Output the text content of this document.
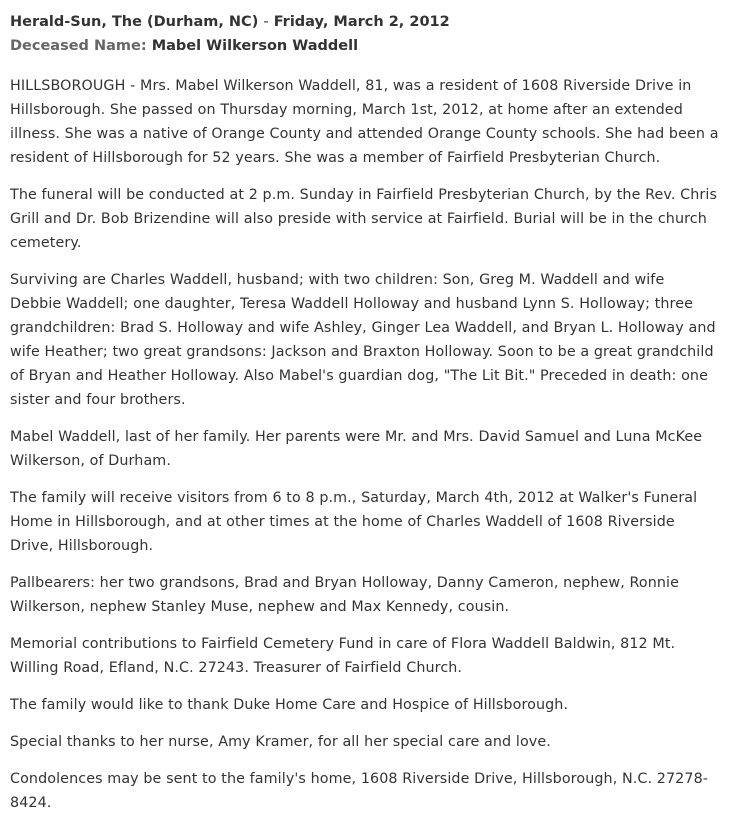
Herald-Sun, The (Durham, NC) - Friday, March 2, 2012
Deceased Name: Mabel Wilkerson Waddell

HILLSBOROUGH - Mrs. Mabel Wilkerson Waddell, 81, was a resident of 1608 Riverside Drive in Hillsborough. She passed on Thursday morning, March 1st, 2012, at home after an extended illness. She was a native of Orange County and attended Orange County schools. She had been a resident of Hillsborough for 52 years. She was a member of Fairfield Presbyterian Church.

The funeral will be conducted at 2 p.m. Sunday in Fairfield Presbyterian Church, by the Rev. Chris Grill and Dr. Bob Brizendine will also preside with service at Fairfield. Burial will be in the church cemetery.

Surviving are Charles Waddell, husband; with two children: Son, Greg M. Waddell and wife Debbie Waddell; one daughter, Teresa Waddell Holloway and husband Lynn S. Holloway; three grandchildren: Brad S. Holloway and wife Ashley, Ginger Lea Waddell, and Bryan L. Holloway and wife Heather; two great grandsons: Jackson and Braxton Holloway. Soon to be a great grandchild of Bryan and Heather Holloway. Also Mabel's guardian dog, "The Lit Bit." Preceded in death: one sister and four brothers.

Mabel Waddell, last of her family. Her parents were Mr. and Mrs. David Samuel and Luna McKee Wilkerson, of Durham.

The family will receive visitors from 6 to 8 p.m., Saturday, March 4th, 2012 at Walker's Funeral Home in Hillsborough, and at other times at the home of Charles Waddell of 1608 Riverside Drive, Hillsborough.

Pallbearers: her two grandsons, Brad and Bryan Holloway, Danny Cameron, nephew, Ronnie Wilkerson, nephew Stanley Muse, nephew and Max Kennedy, cousin.

Memorial contributions to Fairfield Cemetery Fund in care of Flora Waddell Baldwin, 812 Mt. Willing Road, Efland, N.C. 27243. Treasurer of Fairfield Church.

The family would like to thank Duke Home Care and Hospice of Hillsborough.

Special thanks to her nurse, Amy Kramer, for all her special care and love.

Condolences may be sent to the family's home, 1608 Riverside Drive, Hillsborough, N.C. 27278-8424.
